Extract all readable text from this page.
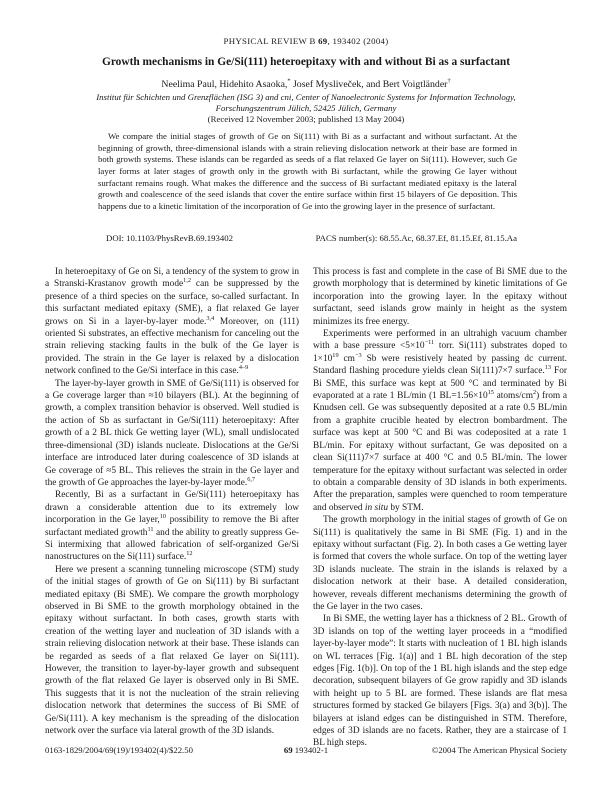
PHYSICAL REVIEW B 69, 193402 (2004)
Growth mechanisms in Ge/Si(111) heteroepitaxy with and without Bi as a surfactant
Neelima Paul, Hidehito Asaoka,* Josef Mysliveček, and Bert Voigtländer†
Institut für Schichten und Grenzflächen (ISG 3) and cni, Center of Nanoelectronic Systems for Information Technology,
Forschungszentrum Jülich, 52425 Jülich, Germany
(Received 12 November 2003; published 13 May 2004)

We compare the initial stages of growth of Ge on Si(111) with Bi as a surfactant and without surfactant. At the beginning of growth, three-dimensional islands with a strain relieving dislocation network at their base are formed in both growth systems. These islands can be regarded as seeds of a flat relaxed Ge layer on Si(111). However, such Ge layer forms at later stages of growth only in the growth with Bi surfactant, while the growing Ge layer without surfactant remains rough. What makes the difference and the success of Bi surfactant mediated epitaxy is the lateral growth and coalescence of the seed islands that cover the entire surface within first 15 bilayers of Ge deposition. This happens due to a kinetic limitation of the incorporation of Ge into the growing layer in the presence of surfactant.

DOI: 10.1103/PhysRevB.69.193402	PACS number(s): 68.55.Ac, 68.37.Ef, 81.15.Ef, 81.15.Aa

In heteroepitaxy of Ge on Si, a tendency of the system to grow in a Stranski-Krastanov growth mode$^{1,2}$ can be suppressed by the presence of a third species on the surface, so-called surfactant. In this surfactant mediated epitaxy (SME), a flat relaxed Ge layer grows on Si in a layer-by-layer mode.$^{3,4}$ Moreover, on (111) oriented Si substrates, an effective mechanism for canceling out the strain relieving stacking faults in the bulk of the Ge layer is provided. The strain in the Ge layer is relaxed by a dislocation network confined to the Ge/Si interface in this case.$^{4-9}$

The layer-by-layer growth in SME of Ge/Si(111) is observed for a Ge coverage larger than ≈10 bilayers (BL). At the beginning of growth, a complex transition behavior is observed. Well studied is the action of Sb as surfactant in Ge/Si(111) heteroepitaxy: After growth of a 2 BL thick Ge wetting layer (WL), small undislocated three-dimensional (3D) islands nucleate. Dislocations at the Ge/Si interface are introduced later during coalescence of 3D islands at Ge coverage of ≈5 BL. This relieves the strain in the Ge layer and the growth of Ge approaches the layer-by-layer mode.$^{6,7}$

Recently, Bi as a surfactant in Ge/Si(111) heteroepitaxy has drawn a considerable attention due to its extremely low incorporation in the Ge layer,$^{10}$ possibility to remove the Bi after surfactant mediated growth$^{11}$ and the ability to greatly suppress Ge-Si intermixing that allowed fabrication of self-organized Ge/Si nanostructures on the Si(111) surface.$^{12}$

Here we present a scanning tunneling microscope (STM) study of the initial stages of growth of Ge on Si(111) by Bi surfactant mediated epitaxy (Bi SME). We compare the growth morphology observed in Bi SME to the growth morphology obtained in the epitaxy without surfactant. In both cases, growth starts with creation of the wetting layer and nucleation of 3D islands with a strain relieving dislocation network at their base. These islands can be regarded as seeds of a flat relaxed Ge layer on Si(111). However, the transition to layer-by-layer growth and subsequent growth of the flat relaxed Ge layer is observed only in Bi SME. This suggests that it is not the nucleation of the strain relieving dislocation network that determines the success of Bi SME of Ge/Si(111). A key mechanism is the spreading of the dislocation network over the surface via lateral growth of the 3D islands.

This process is fast and complete in the case of Bi SME due to the growth morphology that is determined by kinetic limitations of Ge incorporation into the growing layer. In the epitaxy without surfactant, seed islands grow mainly in height as the system minimizes its free energy.

Experiments were performed in an ultrahigh vacuum chamber with a base pressure $<5\times 10^{-11}$ torr. Si(111) substrates doped to $1\times 10^{19}$ $cm^{-3}$ Sb were resistively heated by passing dc current. Standard flashing procedure yields clean Si(111)7×7 surface.$^{13}$ For Bi SME, this surface was kept at 500 °C and terminated by Bi evaporated at a rate 1 BL/min (1 $BL=1.56\times 10^{15}$ atoms/$cm^2$) from a Knudsen cell. Ge was subsequently deposited at a rate 0.5 BL/min from a graphite crucible heated by electron bombardment. The surface was kept at 500 °C and Bi was codeposited at a rate 1 BL/min. For epitaxy without surfactant, Ge was deposited on a clean Si(111)7×7 surface at 400 °C and 0.5 BL/min. The lower temperature for the epitaxy without surfactant was selected in order to obtain a comparable density of 3D islands in both experiments. After the preparation, samples were quenched to room temperature and observed in situ by STM.

The growth morphology in the initial stages of growth of Ge on Si(111) is qualitatively the same in Bi SME (Fig. 1) and in the epitaxy without surfactant (Fig. 2). In both cases a Ge wetting layer is formed that covers the whole surface. On top of the wetting layer 3D islands nucleate. The strain in the islands is relaxed by a dislocation network at their base. A detailed consideration, however, reveals different mechanisms determining the growth of the Ge layer in the two cases.

In Bi SME, the wetting layer has a thickness of 2 BL. Growth of 3D islands on top of the wetting layer proceeds in a “modified layer-by-layer mode”: It starts with nucleation of 1 BL high islands on WL terraces [Fig. 1(a)] and 1 BL high decoration of the step edges [Fig. 1(b)]. On top of the 1 BL high islands and the step edge decoration, subsequent bilayers of Ge grow rapidly and 3D islands with height up to 5 BL are formed. These islands are flat mesa structures formed by stacked Ge bilayers [Figs. 3(a) and 3(b)]. The bilayers at island edges can be distinguished in STM. Therefore, edges of 3D islands are no facets. Rather, they are a staircase of 1 BL high steps.

0163-1829/2004/69(19)/193402(4)/$22.50	69 193402-1	©2004 The American Physical Society
